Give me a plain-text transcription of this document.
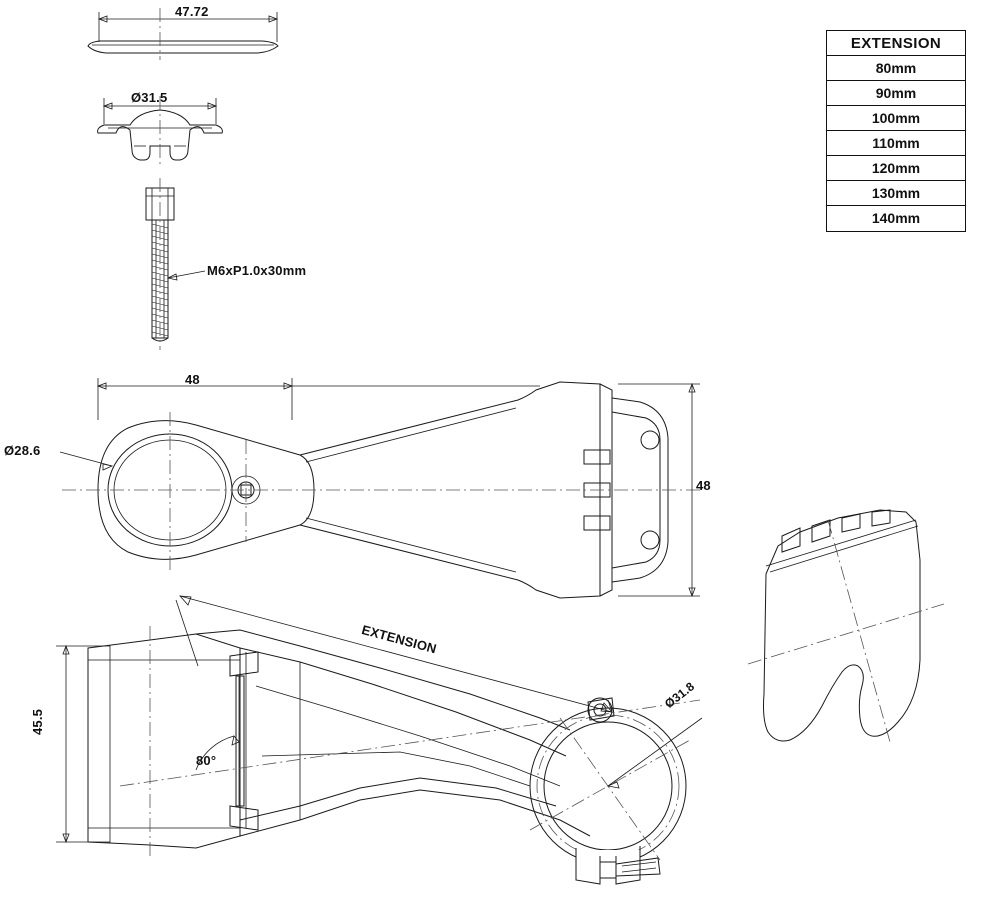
47.72
Ø31.5
M6xP1.0x30mm
48
Ø28.6
48
45.5
80°
EXTENSION
Ø31.8
EXTENSION
80mm
90mm
100mm
110mm
120mm
130mm
140mm
